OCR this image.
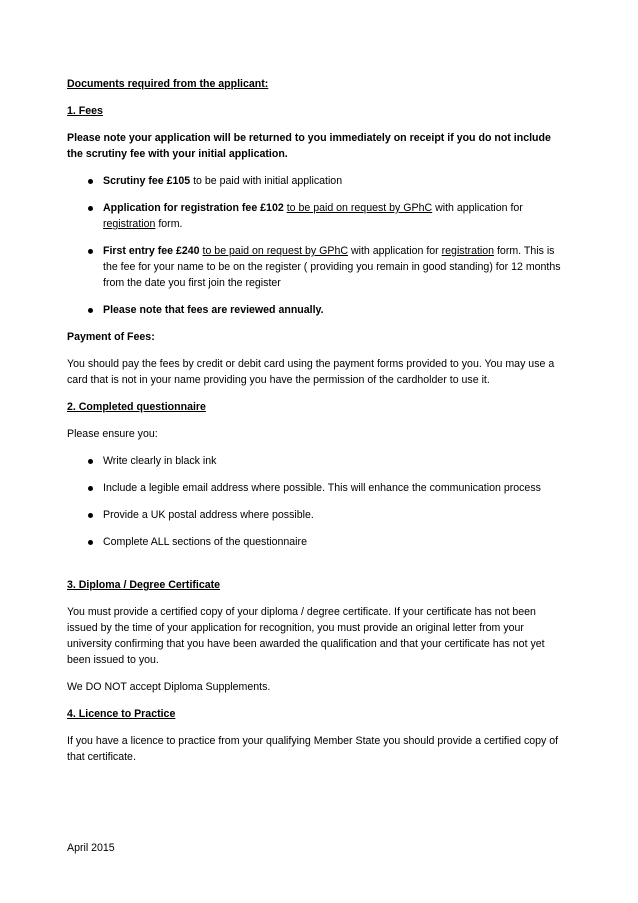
Documents required from the applicant:

1. Fees

Please note your application will be returned to you immediately on receipt if you do not include the scrutiny fee with your initial application.

Scrutiny fee £105 to be paid with initial application
Application for registration fee £102 to be paid on request by GPhC with application for registration form.
First entry fee £240 to be paid on request by GPhC with application for registration form. This is the fee for your name to be on the register ( providing you remain in good standing) for 12 months from the date you first join the register
Please note that fees are reviewed annually.

Payment of Fees:

You should pay the fees by credit or debit card using the payment forms provided to you. You may use a card that is not in your name providing you have the permission of the cardholder to use it.

2. Completed questionnaire

Please ensure you:

Write clearly in black ink
Include a legible email address where possible. This will enhance the communication process
Provide a UK postal address where possible.
Complete ALL sections of the questionnaire

3. Diploma / Degree Certificate

You must provide a certified copy of your diploma / degree certificate. If your certificate has not been issued by the time of your application for recognition, you must provide an original letter from your university confirming that you have been awarded the qualification and that your certificate has not yet been issued to you.

We DO NOT accept Diploma Supplements.

4. Licence to Practice

If you have a licence to practice from your qualifying Member State you should provide a certified copy of that certificate.

April 2015
